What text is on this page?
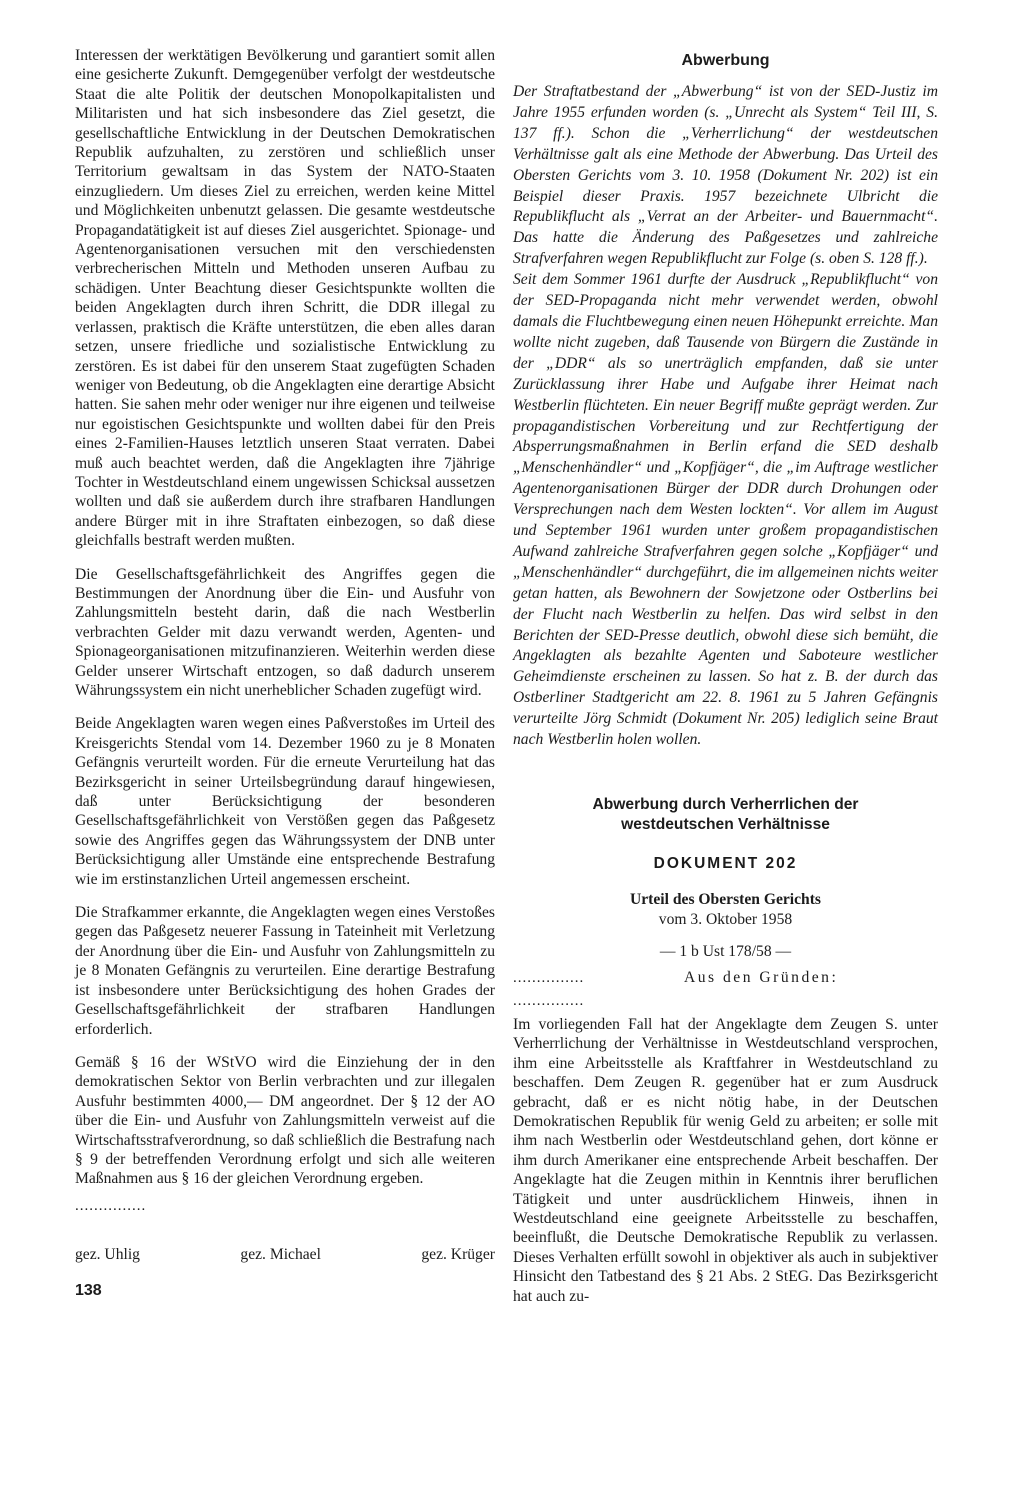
Interessen der werktätigen Bevölkerung und garantiert somit allen eine gesicherte Zukunft. Demgegenüber verfolgt der westdeutsche Staat die alte Politik der deutschen Monopolkapitalisten und Militaristen und hat sich insbesondere das Ziel gesetzt, die gesellschaftliche Entwicklung in der Deutschen Demokratischen Republik aufzuhalten, zu zerstören und schließlich unser Territorium gewaltsam in das System der NATO-Staaten einzugliedern. Um dieses Ziel zu erreichen, werden keine Mittel und Möglichkeiten unbenutzt gelassen. Die gesamte westdeutsche Propagandatätigkeit ist auf dieses Ziel ausgerichtet. Spionage- und Agentenorganisationen versuchen mit den verschiedensten verbrecherischen Mitteln und Methoden unseren Aufbau zu schädigen. Unter Beachtung dieser Gesichtspunkte wollten die beiden Angeklagten durch ihren Schritt, die DDR illegal zu verlassen, praktisch die Kräfte unterstützen, die eben alles daran setzen, unsere friedliche und sozialistische Entwicklung zu zerstören. Es ist dabei für den unserem Staat zugefügten Schaden weniger von Bedeutung, ob die Angeklagten eine derartige Absicht hatten. Sie sahen mehr oder weniger nur ihre eigenen und teilweise nur egoistischen Gesichtspunkte und wollten dabei für den Preis eines 2-Familien-Hauses letztlich unseren Staat verraten. Dabei muß auch beachtet werden, daß die Angeklagten ihre 7jährige Tochter in Westdeutschland einem ungewissen Schicksal aussetzen wollten und daß sie außerdem durch ihre strafbaren Handlungen andere Bürger mit in ihre Straftaten einbezogen, so daß diese gleichfalls bestraft werden mußten.

Die Gesellschaftsgefährlichkeit des Angriffes gegen die Bestimmungen der Anordnung über die Ein- und Ausfuhr von Zahlungsmitteln besteht darin, daß die nach Westberlin verbrachten Gelder mit dazu verwandt werden, Agenten- und Spionageorganisationen mitzufinanzieren. Weiterhin werden diese Gelder unserer Wirtschaft entzogen, so daß dadurch unserem Währungssystem ein nicht unerheblicher Schaden zugefügt wird.

Beide Angeklagten waren wegen eines Paßverstoßes im Urteil des Kreisgerichts Stendal vom 14. Dezember 1960 zu je 8 Monaten Gefängnis verurteilt worden. Für die erneute Verurteilung hat das Bezirksgericht in seiner Urteilsbegründung darauf hingewiesen, daß unter Berücksichtigung der besonderen Gesellschaftsgefährlichkeit von Verstößen gegen das Paßgesetz sowie des Angriffes gegen das Währungssystem der DNB unter Berücksichtigung aller Umstände eine entsprechende Bestrafung wie im erstinstanzlichen Urteil angemessen erscheint.

Die Strafkammer erkannte, die Angeklagten wegen eines Verstoßes gegen das Paßgesetz neuerer Fassung in Tateinheit mit Verletzung der Anordnung über die Ein- und Ausfuhr von Zahlungsmitteln zu je 8 Monaten Gefängnis zu verurteilen. Eine derartige Bestrafung ist insbesondere unter Berücksichtigung des hohen Grades der Gesellschaftsgefährlichkeit der strafbaren Handlungen erforderlich.

Gemäß § 16 der WStVO wird die Einziehung der in den demokratischen Sektor von Berlin verbrachten und zur illegalen Ausfuhr bestimmten 4000,— DM angeordnet. Der § 12 der AO über die Ein- und Ausfuhr von Zahlungsmitteln verweist auf die Wirtschaftsstrafverordnung, so daß schließlich die Bestrafung nach § 9 der betreffenden Verordnung erfolgt und sich alle weiteren Maßnahmen aus § 16 der gleichen Verordnung ergeben.

...............

gez. Uhlig	gez. Michael	gez. Krüger
138
Abwerbung

Der Straftatbestand der „Abwerbung“ ist von der SED-Justiz im Jahre 1955 erfunden worden (s. „Unrecht als System“ Teil III, S. 137 ff.). Schon die „Verherrlichung“ der westdeutschen Verhältnisse galt als eine Methode der Abwerbung. Das Urteil des Obersten Gerichts vom 3. 10. 1958 (Dokument Nr. 202) ist ein Beispiel dieser Praxis. 1957 bezeichnete Ulbricht die Republikflucht als „Verrat an der Arbeiter- und Bauernmacht“. Das hatte die Änderung des Paßgesetzes und zahlreiche Strafverfahren wegen Republikflucht zur Folge (s. oben S. 128 ff.).

Seit dem Sommer 1961 durfte der Ausdruck „Republikflucht“ von der SED-Propaganda nicht mehr verwendet werden, obwohl damals die Fluchtbewegung einen neuen Höhepunkt erreichte. Man wollte nicht zugeben, daß Tausende von Bürgern die Zustände in der „DDR“ als so unerträglich empfanden, daß sie unter Zurücklassung ihrer Habe und Aufgabe ihrer Heimat nach Westberlin flüchteten. Ein neuer Begriff mußte geprägt werden. Zur propagandistischen Vorbereitung und zur Rechtfertigung der Absperrungsmaßnahmen in Berlin erfand die SED deshalb „Menschenhändler“ und „Kopfjäger“, die „im Auftrage westlicher Agentenorganisationen Bürger der DDR durch Drohungen oder Versprechungen nach dem Westen lockten“. Vor allem im August und September 1961 wurden unter großem propagandistischen Aufwand zahlreiche Strafverfahren gegen solche „Kopfjäger“ und „Menschenhändler“ durchgeführt, die im allgemeinen nichts weiter getan hatten, als Bewohnern der Sowjetzone oder Ostberlins bei der Flucht nach Westberlin zu helfen. Das wird selbst in den Berichten der SED-Presse deutlich, obwohl diese sich bemüht, die Angeklagten als bezahlte Agenten und Saboteure westlicher Geheimdienste erscheinen zu lassen. So hat z. B. der durch das Ostberliner Stadtgericht am 22. 8. 1961 zu 5 Jahren Gefängnis verurteilte Jörg Schmidt (Dokument Nr. 205) lediglich seine Braut nach Westberlin holen wollen.

Abwerbung durch Verherrlichen der
westdeutschen Verhältnisse
DOKUMENT 202
Urteil des Obersten Gerichts
vom 3. Oktober 1958
— 1 b Ust 178/58 —
...............	Aus den Gründen:

...............

Im vorliegenden Fall hat der Angeklagte dem Zeugen S. unter Verherrlichung der Verhältnisse in Westdeutschland versprochen, ihm eine Arbeitsstelle als Kraftfahrer in Westdeutschland zu beschaffen. Dem Zeugen R. gegenüber hat er zum Ausdruck gebracht, daß er es nicht nötig habe, in der Deutschen Demokratischen Republik für wenig Geld zu arbeiten; er solle mit ihm nach Westberlin oder Westdeutschland gehen, dort könne er ihm durch Amerikaner eine entsprechende Arbeit beschaffen. Der Angeklagte hat die Zeugen mithin in Kenntnis ihrer beruflichen Tätigkeit und unter ausdrücklichem Hinweis, ihnen in Westdeutschland eine geeignete Arbeitsstelle zu beschaffen, beeinflußt, die Deutsche Demokratische Republik zu verlassen. Dieses Verhalten erfüllt sowohl in objektiver als auch in subjektiver Hinsicht den Tatbestand des § 21 Abs. 2 StEG. Das Bezirksgericht hat auch zu-
